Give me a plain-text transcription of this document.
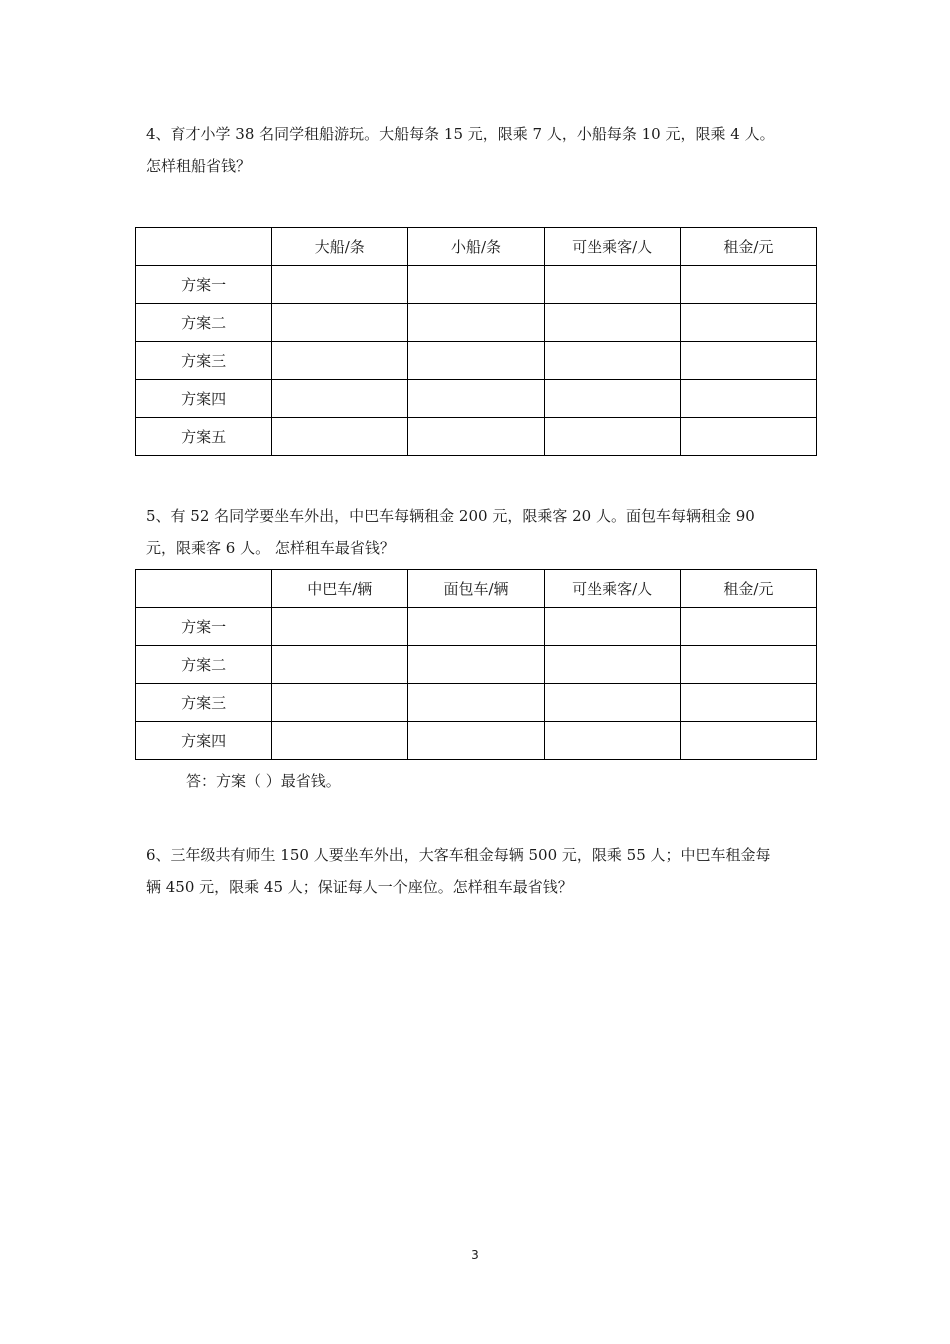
4、育才小学 38 名同学租船游玩。大船每条 15 元，限乘 7 人，小船每条 10 元，限乘 4 人。
怎样租船省钱？

	大船/条	小船/条	可坐乘客/人	租金/元
方案一				
方案二				
方案三				
方案四				
方案五				

5、有 52 名同学要坐车外出，中巴车每辆租金 200 元，限乘客 20 人。面包车每辆租金 90
元，限乘客 6 人。 怎样租车最省钱？

	中巴车/辆	面包车/辆	可坐乘客/人	租金/元
方案一				
方案二				
方案三				
方案四				
答：方案（ ）最省钱。

6、三年级共有师生 150 人要坐车外出，大客车租金每辆 500 元，限乘 55 人；中巴车租金每
辆 450 元，限乘 45 人；保证每人一个座位。怎样租车最省钱？

3
